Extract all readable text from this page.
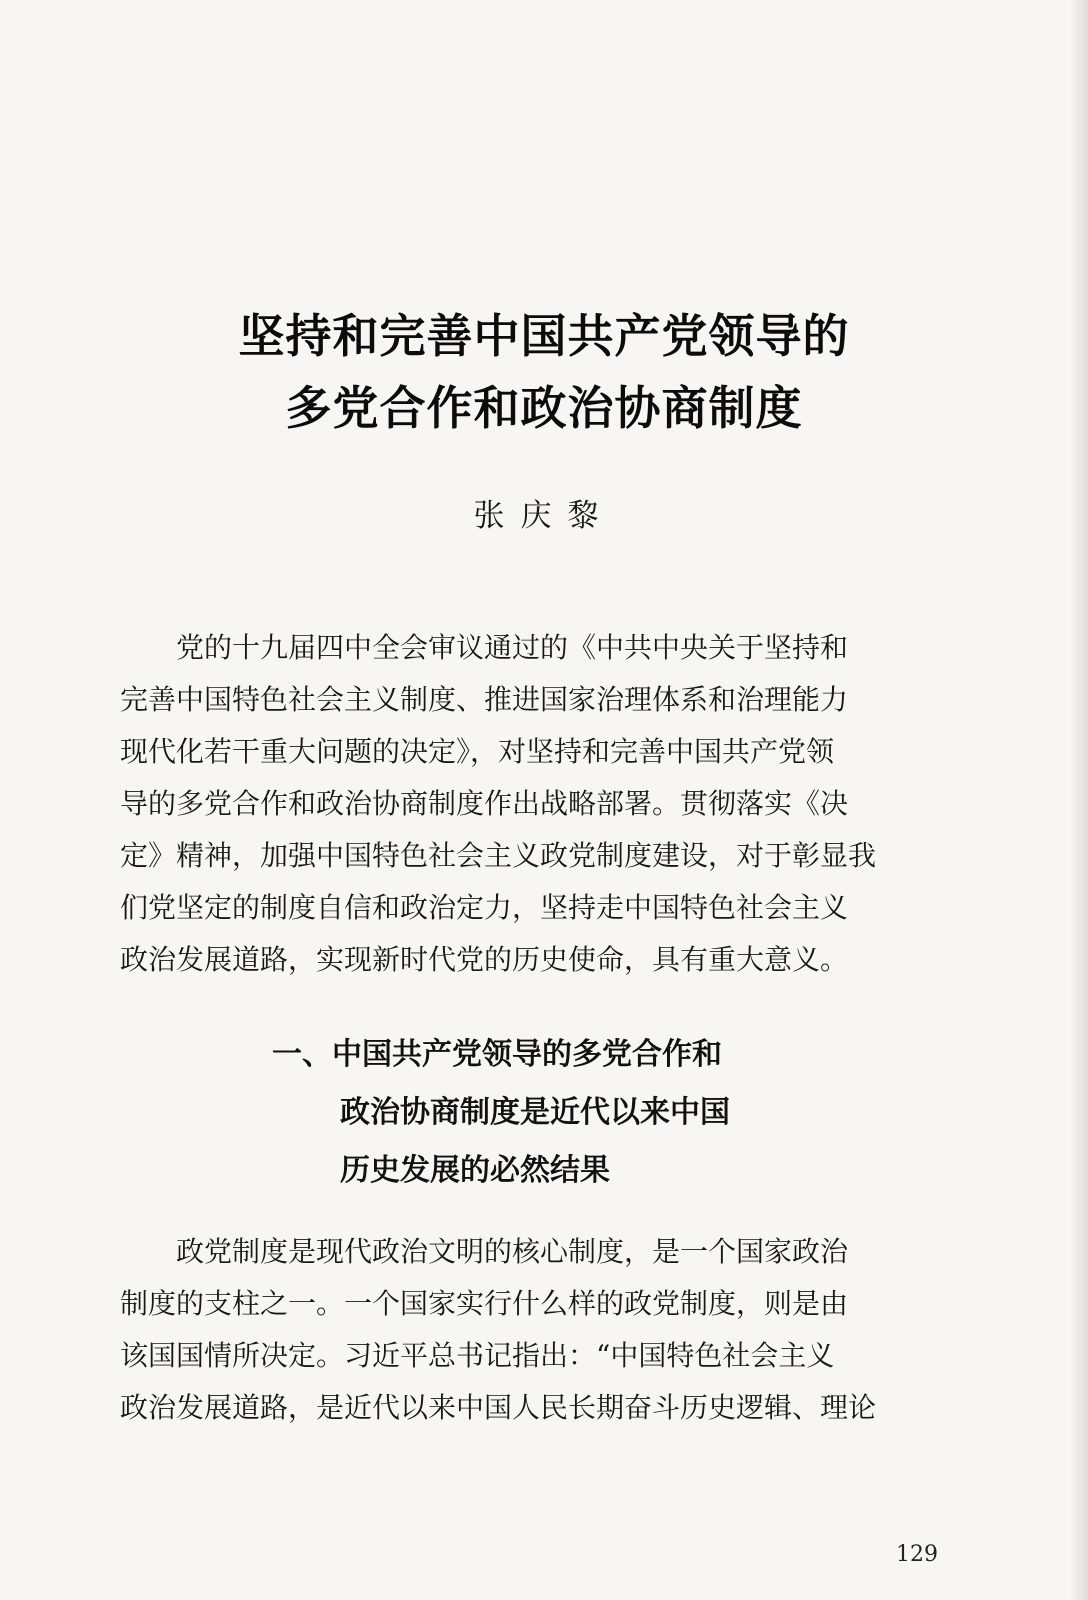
坚持和完善中国共产党领导的
多党合作和政治协商制度
张庆黎
　　党的十九届四中全会审议通过的《中共中央关于坚持和
完善中国特色社会主义制度、推进国家治理体系和治理能力
现代化若干重大问题的决定》，对坚持和完善中国共产党领
导的多党合作和政治协商制度作出战略部署。贯彻落实《决
定》精神，加强中国特色社会主义政党制度建设，对于彰显我
们党坚定的制度自信和政治定力，坚持走中国特色社会主义
政治发展道路，实现新时代党的历史使命，具有重大意义。
一、中国共产党领导的多党合作和
政治协商制度是近代以来中国
历史发展的必然结果
　　政党制度是现代政治文明的核心制度，是一个国家政治
制度的支柱之一。一个国家实行什么样的政党制度，则是由
该国国情所决定。习近平总书记指出：“中国特色社会主义
政治发展道路，是近代以来中国人民长期奋斗历史逻辑、理论
129
